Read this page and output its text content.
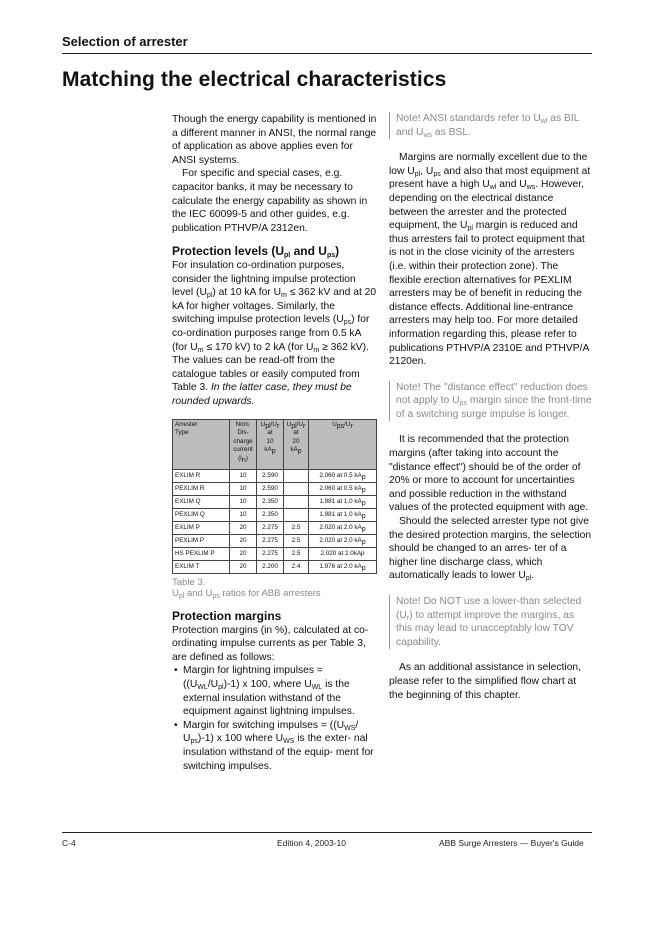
Selection of arrester
Matching the electrical characteristics

Though the energy capability is mentioned in a different manner in ANSI, the normal range of application as above applies even for ANSI systems.

For specific and special cases, e.g. capacitor banks, it may be necessary to calculate the energy capability as shown in the IEC 60099-5 and other guides, e.g. publication PTHVP/A 2312en.

Protection levels ($U_{pl}$ and $U_{ps}$)

For insulation co-ordination purposes, consider the lightning impulse protection level $(U_{pl})$ at 10 kA for $U_m \le 362$ kV and at 20 kA for higher voltages. Similarly, the switching impulse protection levels $(U_{ps})$ for co-ordination purposes range from 0.5 kA (for $U_m \le 170$ kV) to 2 kA (for $U_m \ge 362$ kV). The values can be read-off from the catalogue tables or easily computed from Table 3. In the latter case, they must be rounded upwards.

Arrester
Type	Nom.
Dis-
charge
current
$(I_n)$	$U_{pl}/U_r$
at
10
$kA_p$	$U_{pl}/U_r$
at
20
$kA_p$	$U_{ps}/U_r$
EXLIM R	10	2.590		2.060 at 0.5 $kA_p$
PEXLIM R	10	2.590		2.060 at 0.5 $kA_p$
EXLIM Q	10	2.350		1.981 at 1.0 $kA_p$
PEXLIM Q	10	2.350		1.981 at 1.0 $kA_p$
EXLIM P	20	2.275	2.5	2.020 at 2.0 $kA_p$
PEXLIM P	20	2.275	2.5	2.020 at 2.0 $kA_p$
HS PEXLIM P	20	2.275	2.5	2.020 at 2.0kAp
EXLIM T	20	2.200	2.4	1.976 at 2.0 $kA_p$
Table 3.
$U_{pl}$ and $U_{ps}$ ratios for ABB arresters

Protection margins

Protection margins (in %), calculated at co-ordinating impulse currents as per Table 3, are defined as follows:

• Margin for lightning impulses = $((U_{WL}/U_{pl})-1)$ x 100, where $U_{WL}$ is the external insulation withstand of the equipment against lightning impulses.
• Margin for switching impulses = (($U_{WS}/$ $U_{ps})-1$) x 100 where $U_{WS}$ is the exter- nal insulation withstand of the equip- ment for switching impulses.

Note! ANSI standards refer to $U_{wl}$ as BIL and $U_{ws}$ as BSL.

Margins are normally excellent due to the low $U_{pl}$, $U_{ps}$ and also that most equipment at present have a high $U_{wl}$ and $U_{ws}$. However, depending on the electrical distance between the arrester and the protected equipment, the $U_{pl}$ margin is reduced and thus arresters fail to protect equipment that is not in the close vicinity of the arresters (i.e. within their protection zone). The flexible erection alternatives for PEXLIM arresters may be of benefit in reducing the distance effects. Additional line-entrance arresters may help too. For more detailed information regarding this, please refer to publications PTHVP/A 2310E and PTHVP/A 2120en.

Note! The "distance effect" reduction does not apply to $U_{ps}$ margin since the front-time of a switching surge impulse is longer.

It is recommended that the protection margins (after taking into account the "distance effect") should be of the order of 20% or more to account for uncertainties and possible reduction in the withstand values of the protected equipment with age.

Should the selected arrester type not give the desired protection margins, the selection should be changed to an arres- ter of a higher line discharge class, which automatically leads to lower $U_{pl}$.

Note! Do NOT use a lower-than selected $(U_r)$ to attempt improve the margins, as this may lead to unacceptably low TOV capability.

As an additional assistance in selection, please refer to the simplified flow chart at the beginning of this chapter.

C-4	Edition 4, 2003-10	ABB Surge Arresters — Buyer's Guide
